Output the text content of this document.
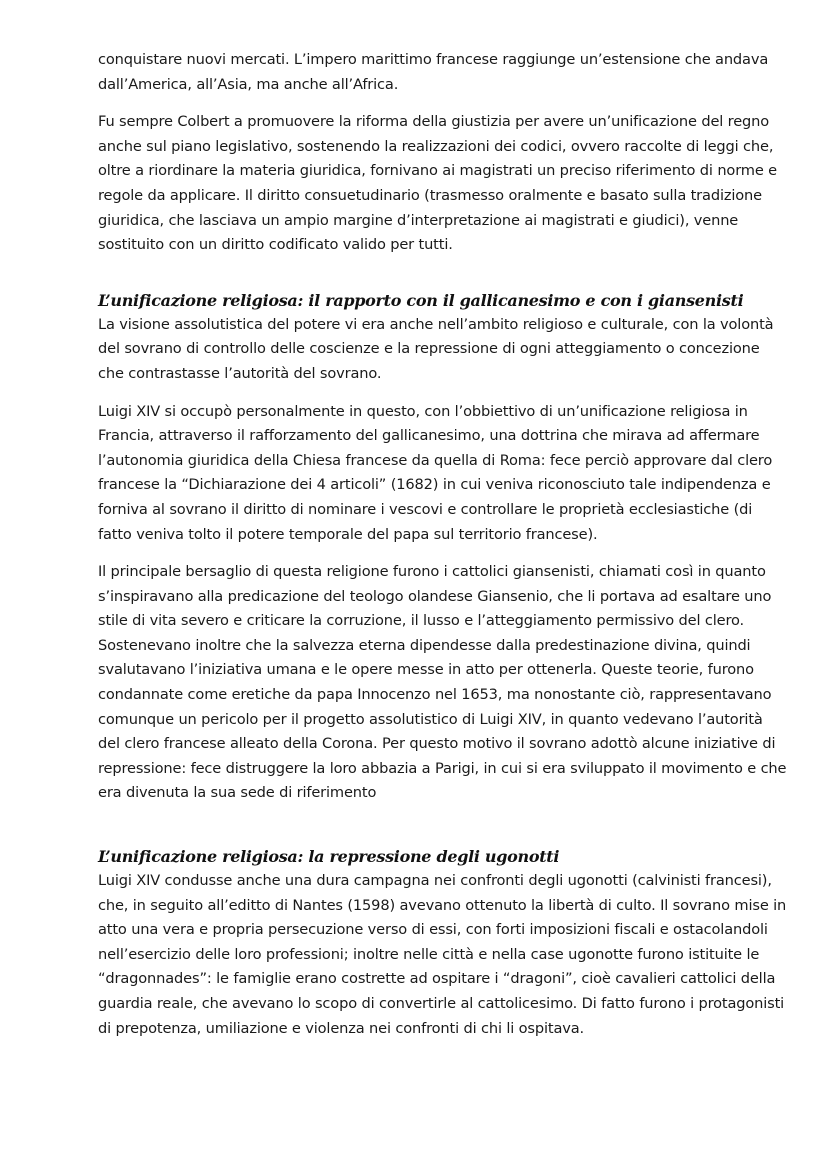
conquistare nuovi mercati. L’impero marittimo francese raggiunge un’estensione che andava dall’America, all’Asia, ma anche all’Africa.

Fu sempre Colbert a promuovere la riforma della giustizia per avere un’unificazione del regno anche sul piano legislativo, sostenendo la realizzazioni dei codici, ovvero raccolte di leggi che, oltre a riordinare la materia giuridica, fornivano ai magistrati un preciso riferimento di norme e regole da applicare. Il diritto consuetudinario (trasmesso oralmente e basato sulla tradizione giuridica, che lasciava un ampio margine d’interpretazione ai magistrati e giudici), venne sostituito con un diritto codificato valido per tutti.

L’unificazione religiosa: il rapporto con il gallicanesimo e con i giansenisti

La visione assolutistica del potere vi era anche nell’ambito religioso e culturale, con la volontà del sovrano di controllo delle coscienze e la repressione di ogni atteggiamento o concezione che contrastasse l’autorità del sovrano.

Luigi XIV si occupò personalmente in questo, con l’obbiettivo di un’unificazione religiosa in Francia, attraverso il rafforzamento del gallicanesimo, una dottrina che mirava ad affermare l’autonomia giuridica della Chiesa francese da quella di Roma: fece perciò approvare dal clero francese la “Dichiarazione dei 4 articoli” (1682) in cui veniva riconosciuto tale indipendenza e forniva al sovrano il diritto di nominare i vescovi e controllare le proprietà ecclesiastiche (di fatto veniva tolto il potere temporale del papa sul territorio francese).

Il principale bersaglio di questa religione furono i cattolici giansenisti, chiamati così in quanto s’inspiravano alla predicazione del teologo olandese Giansenio, che li portava ad esaltare uno stile di vita severo e criticare la corruzione, il lusso e l’atteggiamento permissivo del clero. Sostenevano inoltre che la salvezza eterna dipendesse dalla predestinazione divina, quindi svalutavano l’iniziativa umana e le opere messe in atto per ottenerla. Queste teorie, furono condannate come eretiche da papa Innocenzo nel 1653, ma nonostante ciò, rappresentavano comunque un pericolo per il progetto assolutistico di Luigi XIV, in quanto vedevano l’autorità del clero francese alleato della Corona. Per questo motivo il sovrano adottò alcune iniziative di repressione: fece distruggere la loro abbazia a Parigi, in cui si era sviluppato il movimento e che era divenuta la sua sede di riferimento

L’unificazione religiosa: la repressione degli ugonotti

Luigi XIV condusse anche una dura campagna nei confronti degli ugonotti (calvinisti francesi), che, in seguito all’editto di Nantes (1598) avevano ottenuto la libertà di culto. Il sovrano mise in atto una vera e propria persecuzione verso di essi, con forti imposizioni fiscali e ostacolandoli nell’esercizio delle loro professioni; inoltre nelle città e nella case ugonotte furono istituite le “dragonnades”: le famiglie erano costrette ad ospitare i “dragoni”, cioè cavalieri cattolici della guardia reale, che avevano lo scopo di convertirle al cattolicesimo. Di fatto furono i protagonisti di prepotenza, umiliazione e violenza nei confronti di chi li ospitava.
